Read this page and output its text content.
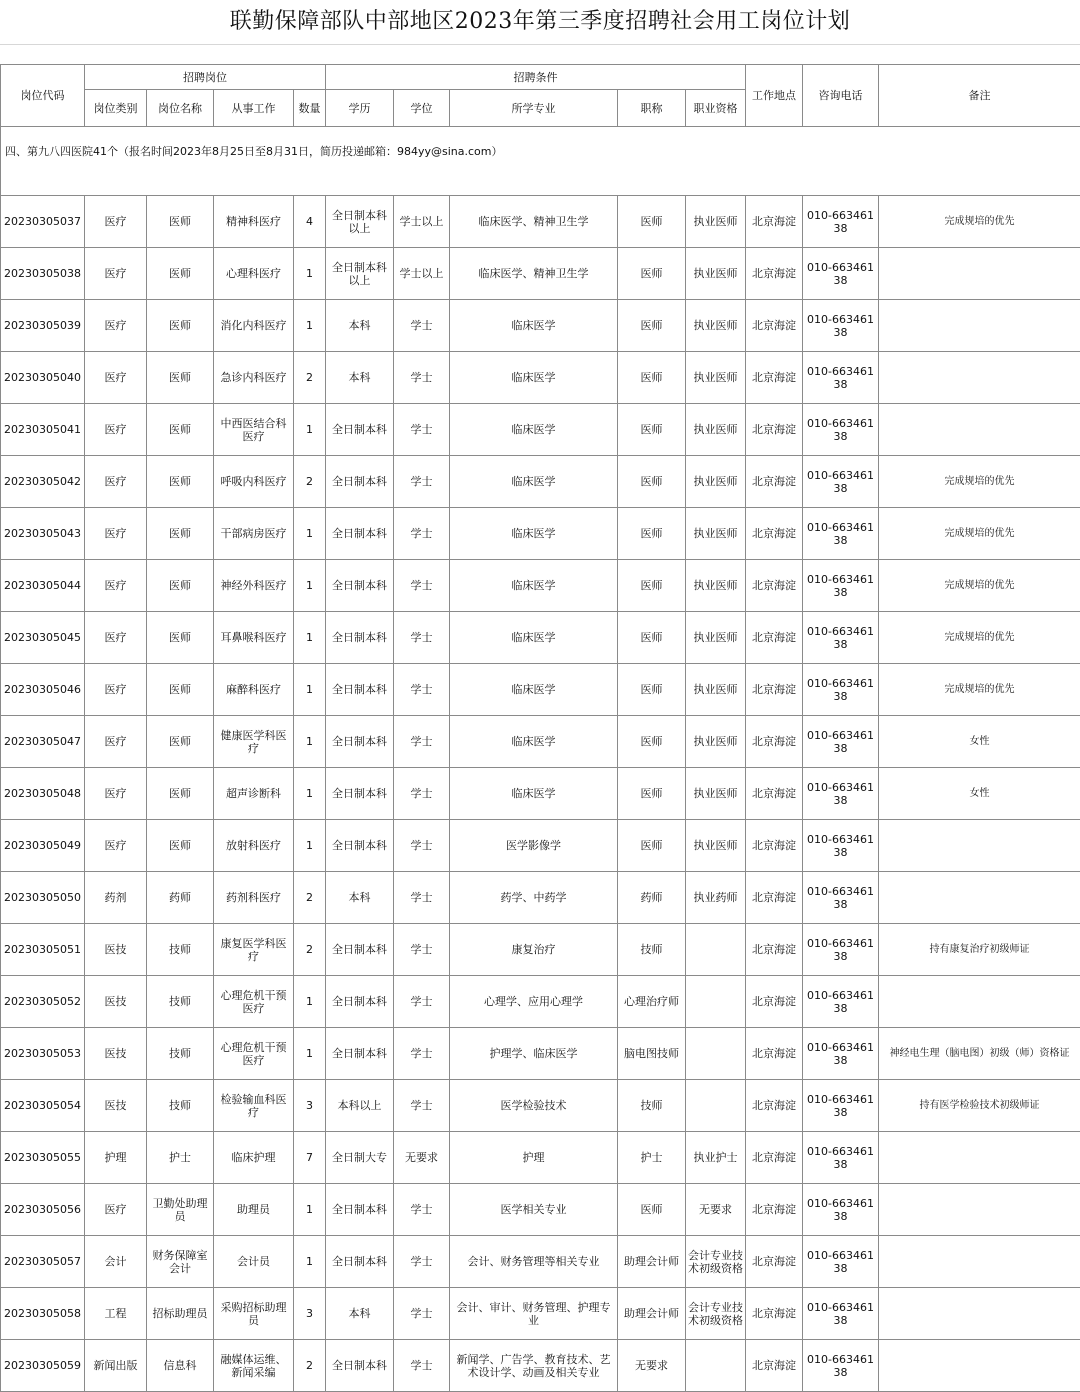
联勤保障部队中部地区2023年第三季度招聘社会用工岗位计划
岗位代码	招聘岗位				招聘条件					工作地点	咨询电话	备注
	岗位类别	岗位名称	从事工作	数量	学历	学位	所学专业	职称	职业资格			
四、第九八四医院41个（报名时间2023年8月25日至8月31日，简历投递邮箱：984yy@sina.com）												
20230305037	医疗	医师	精神科医疗	4	全日制本科以上	学士以上	临床医学、精神卫生学	医师	执业医师	北京海淀	010-66346138	完成规培的优先
20230305038	医疗	医师	心理科医疗	1	全日制本科以上	学士以上	临床医学、精神卫生学	医师	执业医师	北京海淀	010-66346138	
20230305039	医疗	医师	消化内科医疗	1	本科	学士	临床医学	医师	执业医师	北京海淀	010-66346138	
20230305040	医疗	医师	急诊内科医疗	2	本科	学士	临床医学	医师	执业医师	北京海淀	010-66346138	
20230305041	医疗	医师	中西医结合科医疗	1	全日制本科	学士	临床医学	医师	执业医师	北京海淀	010-66346138	
20230305042	医疗	医师	呼吸内科医疗	2	全日制本科	学士	临床医学	医师	执业医师	北京海淀	010-66346138	完成规培的优先
20230305043	医疗	医师	干部病房医疗	1	全日制本科	学士	临床医学	医师	执业医师	北京海淀	010-66346138	完成规培的优先
20230305044	医疗	医师	神经外科医疗	1	全日制本科	学士	临床医学	医师	执业医师	北京海淀	010-66346138	完成规培的优先
20230305045	医疗	医师	耳鼻喉科医疗	1	全日制本科	学士	临床医学	医师	执业医师	北京海淀	010-66346138	完成规培的优先
20230305046	医疗	医师	麻醉科医疗	1	全日制本科	学士	临床医学	医师	执业医师	北京海淀	010-66346138	完成规培的优先
20230305047	医疗	医师	健康医学科医疗	1	全日制本科	学士	临床医学	医师	执业医师	北京海淀	010-66346138	女性
20230305048	医疗	医师	超声诊断科	1	全日制本科	学士	临床医学	医师	执业医师	北京海淀	010-66346138	女性
20230305049	医疗	医师	放射科医疗	1	全日制本科	学士	医学影像学	医师	执业医师	北京海淀	010-66346138	
20230305050	药剂	药师	药剂科医疗	2	本科	学士	药学、中药学	药师	执业药师	北京海淀	010-66346138	
20230305051	医技	技师	康复医学科医疗	2	全日制本科	学士	康复治疗	技师		北京海淀	010-66346138	持有康复治疗初级师证
20230305052	医技	技师	心理危机干预医疗	1	全日制本科	学士	心理学、应用心理学	心理治疗师		北京海淀	010-66346138	
20230305053	医技	技师	心理危机干预医疗	1	全日制本科	学士	护理学、临床医学	脑电图技师		北京海淀	010-66346138	神经电生理（脑电图）初级（师）资格证
20230305054	医技	技师	检验输血科医疗	3	本科以上	学士	医学检验技术	技师		北京海淀	010-66346138	持有医学检验技术初级师证
20230305055	护理	护士	临床护理	7	全日制大专	无要求	护理	护士	执业护士	北京海淀	010-66346138	
20230305056	医疗	卫勤处助理员	助理员	1	全日制本科	学士	医学相关专业	医师	无要求	北京海淀	010-66346138	
20230305057	会计	财务保障室会计	会计员	1	全日制本科	学士	会计、财务管理等相关专业	助理会计师	会计专业技术初级资格	北京海淀	010-66346138	
20230305058	工程	招标助理员	采购招标助理员	3	本科	学士	会计、审计、财务管理、护理专业	助理会计师	会计专业技术初级资格	北京海淀	010-66346138	
20230305059	新闻出版	信息科	融媒体运维、新闻采编	2	全日制本科	学士	新闻学、广告学、教育技术、艺术设计学、动画及相关专业	无要求		北京海淀	010-66346138	
